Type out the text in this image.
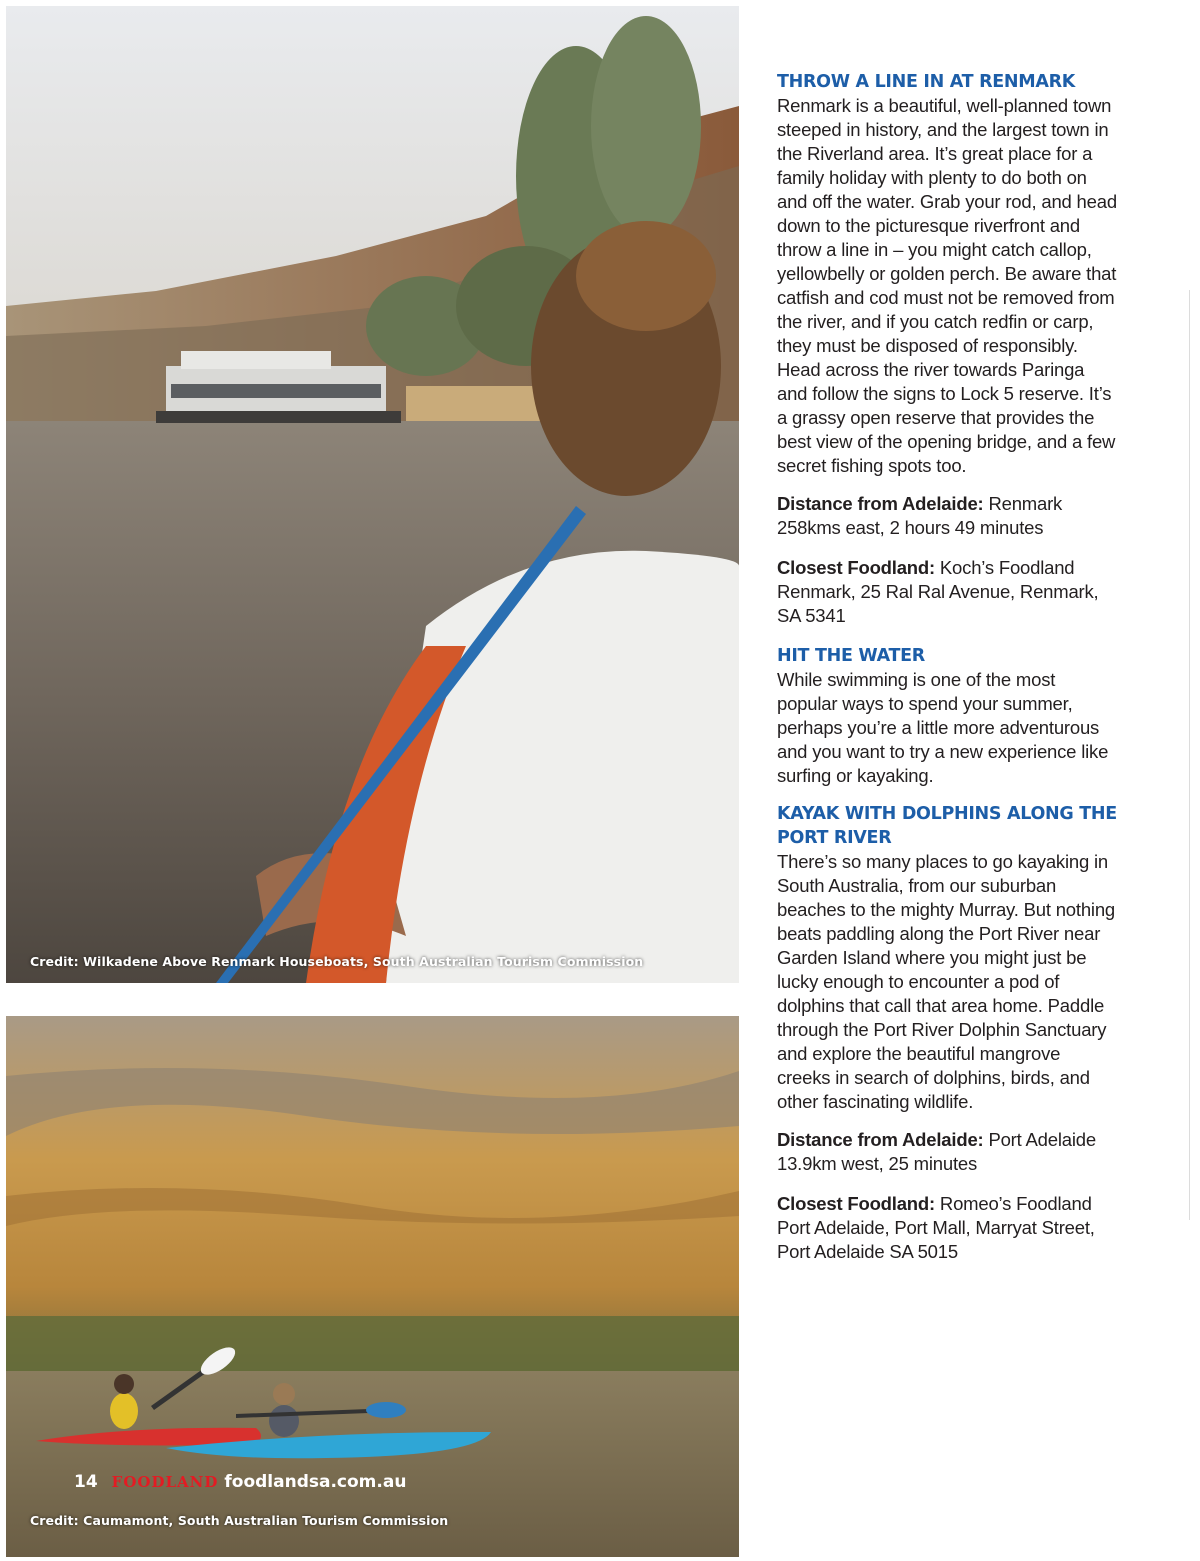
Credit: Wilkadene Above Renmark Houseboats, South Australian Tourism Commission
Credit: Caumamont, South Australian Tourism Commission
14 FOODLAND foodlandsa.com.au
THROW A LINE IN AT RENMARK

Renmark is a beautiful, well-planned town steeped in history, and the largest town in the Riverland area. It’s great place for a family holiday with plenty to do both on and off the water. Grab your rod, and head down to the picturesque riverfront and throw a line in – you might catch callop, yellowbelly or golden perch. Be aware that catfish and cod must not be removed from the river, and if you catch redfin or carp, they must be disposed of responsibly. Head across the river towards Paringa and follow the signs to Lock 5 reserve. It’s a grassy open reserve that provides the best view of the opening bridge, and a few secret fishing spots too.

Distance from Adelaide: Renmark 258kms east, 2 hours 49 minutes

Closest Foodland: Koch’s Foodland Renmark, 25 Ral Ral Avenue, Renmark, SA 5341

HIT THE WATER

While swimming is one of the most popular ways to spend your summer, perhaps you’re a little more adventurous and you want to try a new experience like surfing or kayaking.

KAYAK WITH DOLPHINS ALONG THE PORT RIVER

There’s so many places to go kayaking in South Australia, from our suburban beaches to the mighty Murray. But nothing beats paddling along the Port River near Garden Island where you might just be lucky enough to encounter a pod of dolphins that call that area home. Paddle through the Port River Dolphin Sanctuary and explore the beautiful mangrove creeks in search of dolphins, birds, and other fascinating wildlife.

Distance from Adelaide: Port Adelaide 13.9km west, 25 minutes

Closest Foodland: Romeo’s Foodland Port Adelaide, Port Mall, Marryat Street, Port Adelaide SA 5015
